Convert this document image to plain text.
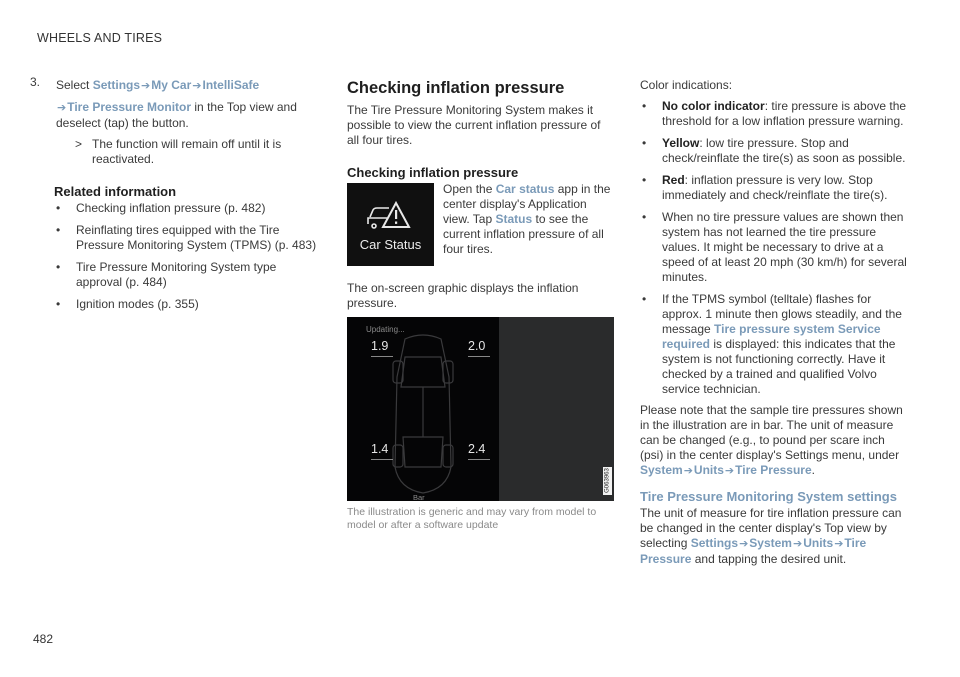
WHEELS AND TIRES
3. Select Settings➔My Car➔IntelliSafe

➔Tire Pressure Monitor in the Top view and deselect (tap) the button.

> The function will remain off until it is reactivated.
Related information
• Checking inflation pressure (p. 482)
• Reinflating tires equipped with the Tire Pressure Monitoring System (TPMS) (p. 483)
• Tire Pressure Monitoring System type approval (p. 484)
• Ignition modes (p. 355)
Checking inflation pressure

The Tire Pressure Monitoring System makes it possible to view the current inflation pressure of all four tires.

Checking inflation pressure
Car Status

Open the Car status app in the center display's Application view. Tap Status to see the current inflation pressure of all four tires.

The on-screen graphic displays the inflation pressure.

Updating...
1.9	2.0
1.4	2.4
Bar
G063963

The illustration is generic and may vary from model to model or after a software update

Color indications:

• No color indicator: tire pressure is above the threshold for a low inflation pressure warning.
• Yellow: low tire pressure. Stop and check/reinflate the tire(s) as soon as possible.
• Red: inflation pressure is very low. Stop immediately and check/reinflate the tire(s).
• When no tire pressure values are shown then system has not learned the tire pressure values. It might be necessary to drive at a speed of at least 20 mph (30 km/h) for several minutes.
• If the TPMS symbol (telltale) flashes for approx. 1 minute then glows steadily, and the message Tire pressure system Service required is displayed: this indicates that the system is not functioning correctly. Have it checked by a trained and qualified Volvo service technician.

Please note that the sample tire pressures shown in the illustration are in bar. The unit of measure can be changed (e.g., to pound per scare inch (psi) in the center display's Settings menu, under System➔Units➔Tire Pressure.

Tire Pressure Monitoring System settings

The unit of measure for tire inflation pressure can be changed in the center display's Top view by selecting Settings➔System➔Units➔Tire Pressure and tapping the desired unit.

482
